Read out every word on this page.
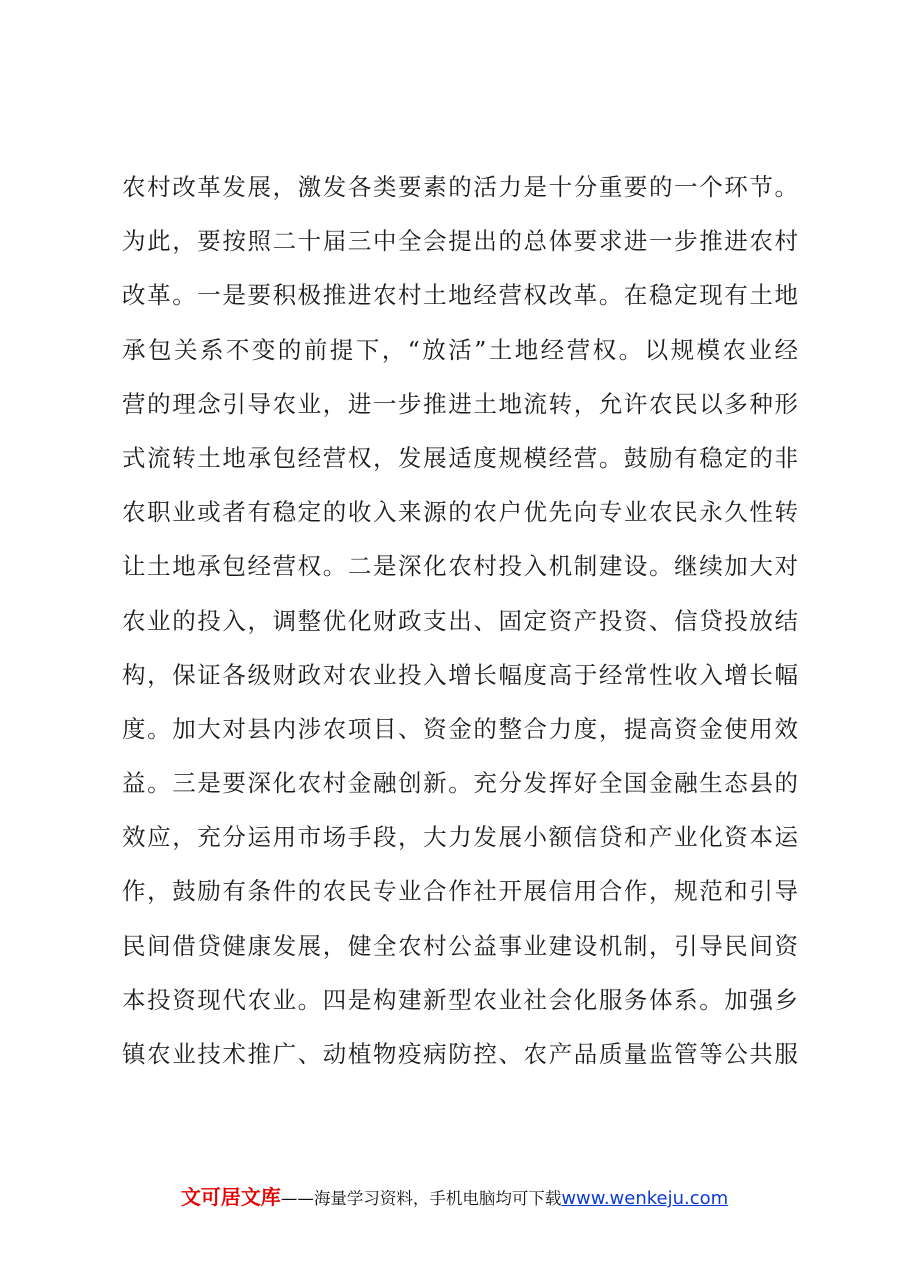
农村改革发展，激发各类要素的活力是十分重要的一个环节。
为此，要按照二十届三中全会提出的总体要求进一步推进农村
改革。一是要积极推进农村土地经营权改革。在稳定现有土地
承包关系不变的前提下，“放活”土地经营权。以规模农业经
营的理念引导农业，进一步推进土地流转，允许农民以多种形
式流转土地承包经营权，发展适度规模经营。鼓励有稳定的非
农职业或者有稳定的收入来源的农户优先向专业农民永久性转
让土地承包经营权。二是深化农村投入机制建设。继续加大对
农业的投入，调整优化财政支出、固定资产投资、信贷投放结
构，保证各级财政对农业投入增长幅度高于经常性收入增长幅
度。加大对县内涉农项目、资金的整合力度，提高资金使用效
益。三是要深化农村金融创新。充分发挥好全国金融生态县的
效应，充分运用市场手段，大力发展小额信贷和产业化资本运
作，鼓励有条件的农民专业合作社开展信用合作，规范和引导
民间借贷健康发展，健全农村公益事业建设机制，引导民间资
本投资现代农业。四是构建新型农业社会化服务体系。加强乡
镇农业技术推广、动植物疫病防控、农产品质量监管等公共服
文可居文库——海量学习资料，手机电脑均可下载www.wenkeju.com
